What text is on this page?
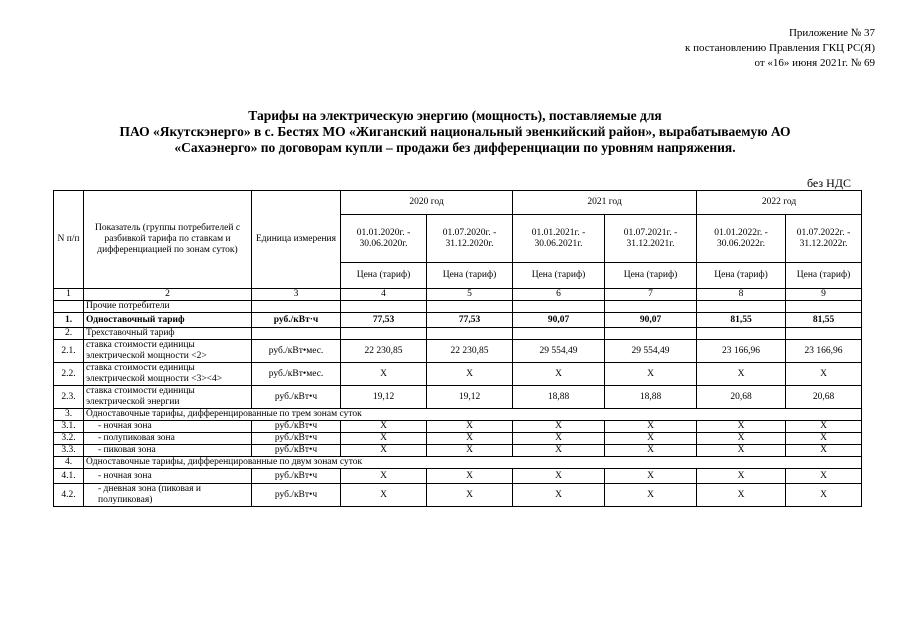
Приложение № 37
к постановлению Правления ГКЦ РС(Я)
от «16» июня 2021г. № 69
Тарифы на электрическую энергию (мощность), поставляемые для
ПАО «Якутскэнерго» в с. Бестях МО «Жиганский национальный эвенкийский район», вырабатываемую АО
«Сахаэнерго» по договорам купли – продажи без дифференциации по уровням напряжения.
без НДС
N п/п	Показатель (группы потребителей с разбивкой тарифа по ставкам и дифференциацией по зонам суток)	Единица измерения	2020 год		2021 год		2022 год	
			01.01.2020г. - 30.06.2020г.	01.07.2020г. - 31.12.2020г.	01.01.2021г. - 30.06.2021г.	01.07.2021г. - 31.12.2021г.	01.01.2022г. - 30.06.2022г.	01.07.2022г. - 31.12.2022г.
			Цена (тариф)	Цена (тариф)	Цена (тариф)	Цена (тариф)	Цена (тариф)	Цена (тариф)
1	2	3	4	5	6	7	8	9
	Прочие потребители							
1.	Одноставочный тариф	руб./кВт·ч	77,53	77,53	90,07	90,07	81,55	81,55
2.	Трехставочный тариф							
2.1.	ставка стоимости единицы электрической мощности <2>	руб./кВт•мес.	22 230,85	22 230,85	29 554,49	29 554,49	23 166,96	23 166,96
2.2.	ставка стоимости единицы электрической мощности <3><4>	руб./кВт•мес.	X	X	X	X	X	X
2.3.	ставка стоимости единицы электрической энергии	руб./кВт•ч	19,12	19,12	18,88	18,88	20,68	20,68
3.	Одноставочные тарифы, дифференцированные по трем зонам суток							
3.1.	- ночная зона	руб./кВт•ч	X	X	X	X	X	X
3.2.	- полупиковая зона	руб./кВт•ч	X	X	X	X	X	X
3.3.	- пиковая зона	руб./кВт•ч	X	X	X	X	X	X
4.	Одноставочные тарифы, дифференцированные по двум зонам суток							
4.1.	- ночная зона	руб./кВт•ч	X	X	X	X	X	X
4.2.	- дневная зона (пиковая и полупиковая)	руб./кВт•ч	X	X	X	X	X	X
